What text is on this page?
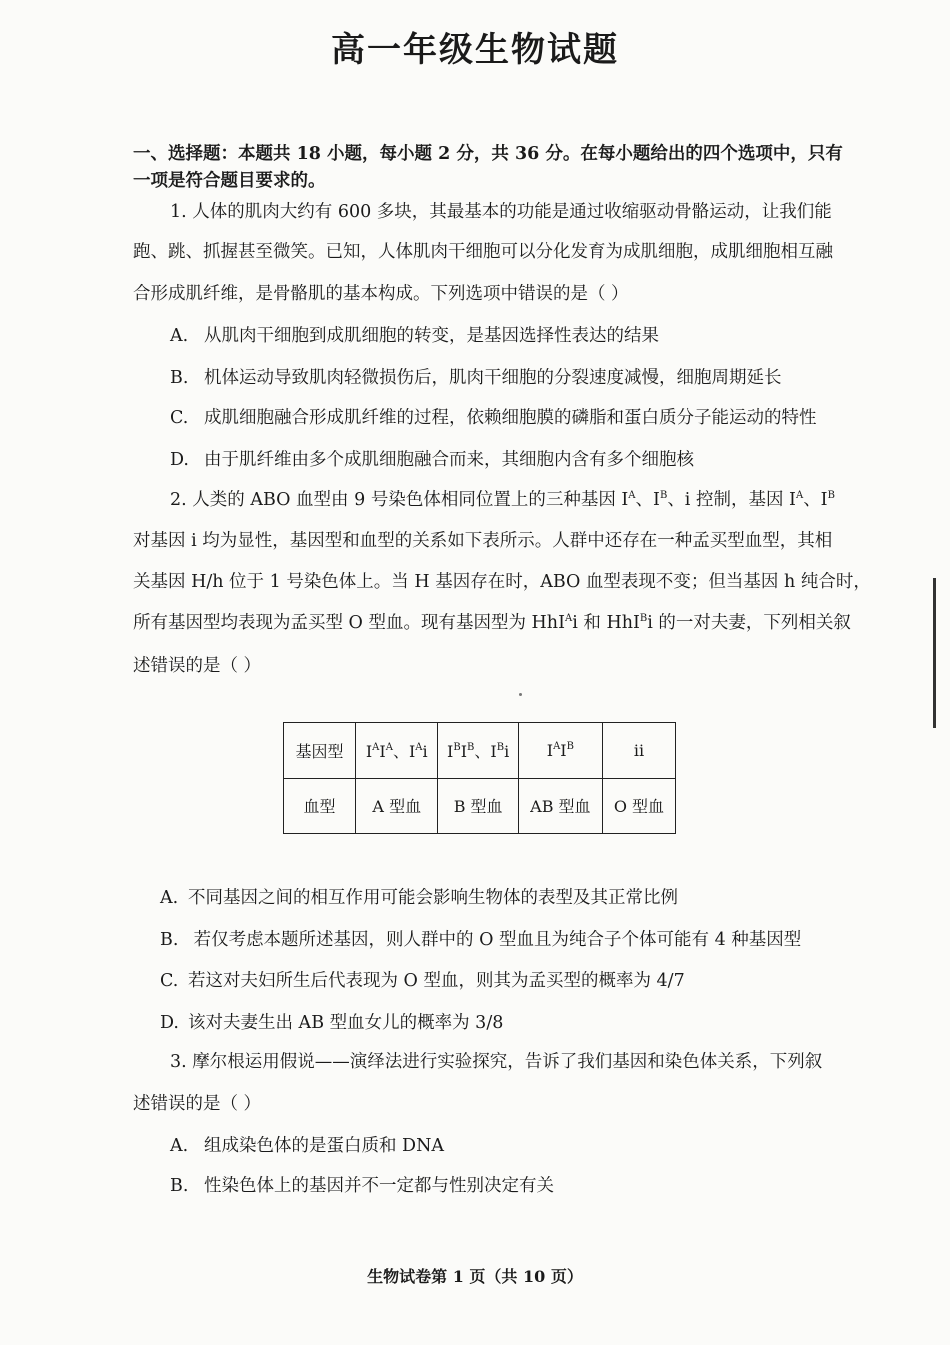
高一年级生物试题
一、选择题：本题共 18 小题，每小题 2 分，共 36 分。在每小题给出的四个选项中，只有
一项是符合题目要求的。
1. 人体的肌肉大约有 600 多块，其最基本的功能是通过收缩驱动骨骼运动，让我们能
跑、跳、抓握甚至微笑。已知，人体肌肉干细胞可以分化发育为成肌细胞，成肌细胞相互融
合形成肌纤维，是骨骼肌的基本构成。下列选项中错误的是（ ）
A. 从肌肉干细胞到成肌细胞的转变，是基因选择性表达的结果
B. 机体运动导致肌肉轻微损伤后，肌肉干细胞的分裂速度减慢，细胞周期延长
C. 成肌细胞融合形成肌纤维的过程，依赖细胞膜的磷脂和蛋白质分子能运动的特性
D. 由于肌纤维由多个成肌细胞融合而来，其细胞内含有多个细胞核
2. 人类的 ABO 血型由 9 号染色体相同位置上的三种基因 $I^A$、$I^B$、i 控制，基因 $I^A$、$I^B$
对基因 i 均为显性，基因型和血型的关系如下表所示。人群中还存在一种孟买型血型，其相
关基因 H/h 位于 1 号染色体上。当 H 基因存在时，ABO 血型表现不变；但当基因 h 纯合时，
所有基因型均表现为孟买型 O 型血。现有基因型为 HhI$^A$i 和 HhI$^B$i 的一对夫妻，下列相关叙
述错误的是（ ）
基因型	$I^AI^A$、$I^Ai$	$I^BI^B$、$I^Bi$	$I^AI^B$	ii
血型	A 型血	B 型血	AB 型血	O 型血
A. 不同基因之间的相互作用可能会影响生物体的表型及其正常比例
B. 若仅考虑本题所述基因，则人群中的 O 型血且为纯合子个体可能有 4 种基因型
C. 若这对夫妇所生后代表现为 O 型血，则其为孟买型的概率为 4/7
D. 该对夫妻生出 AB 型血女儿的概率为 3/8
3. 摩尔根运用假说——演绎法进行实验探究，告诉了我们基因和染色体关系，下列叙
述错误的是（ ）
A. 组成染色体的是蛋白质和 DNA
B. 性染色体上的基因并不一定都与性别决定有关
生物试卷第 1 页（共 10 页）
